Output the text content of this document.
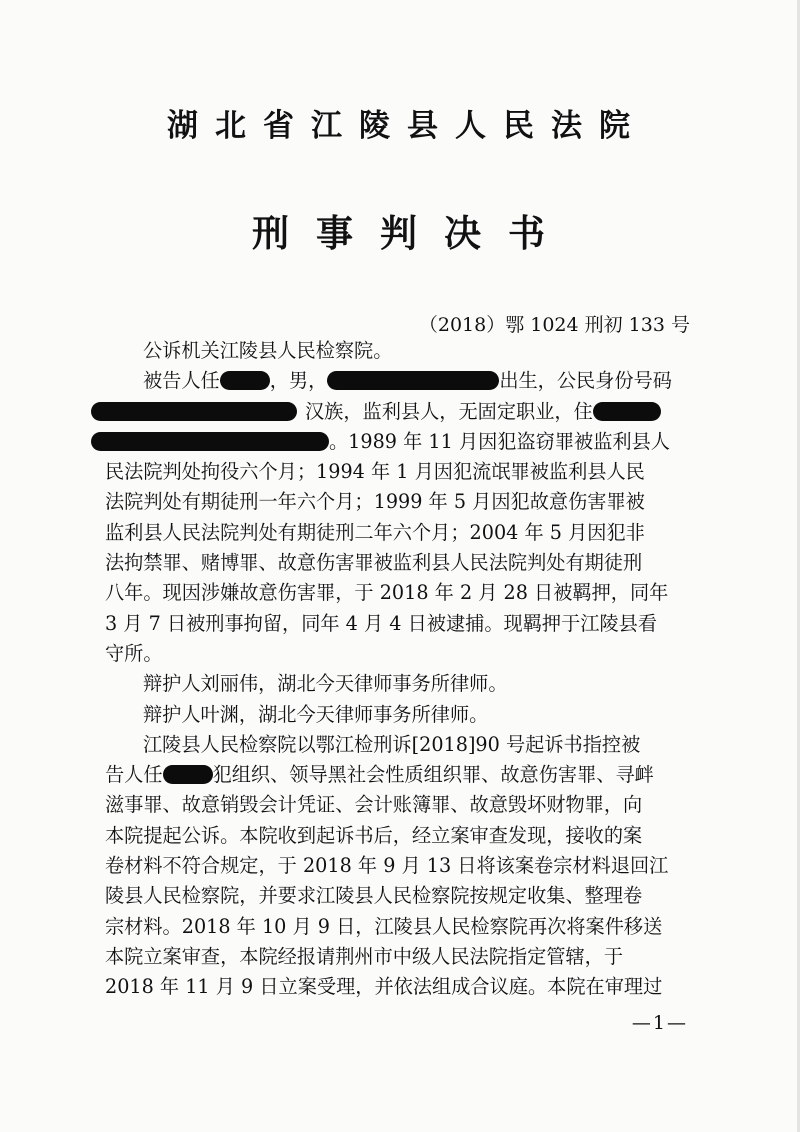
湖北省江陵县人民法院
刑事判决书
（2018）鄂 1024 刑初 133 号
公诉机关江陵县人民检察院。
被告人任	，男，	出生，公民身份号码
汉族，监利县人，无固定职业，住
。1989 年 11 月因犯盗窃罪被监利县人
民法院判处拘役六个月；1994 年 1 月因犯流氓罪被监利县人民
法院判处有期徒刑一年六个月；1999 年 5 月因犯故意伤害罪被
监利县人民法院判处有期徒刑二年六个月；2004 年 5 月因犯非
法拘禁罪、赌博罪、故意伤害罪被监利县人民法院判处有期徒刑
八年。现因涉嫌故意伤害罪，于 2018 年 2 月 28 日被羁押，同年
3 月 7 日被刑事拘留，同年 4 月 4 日被逮捕。现羁押于江陵县看
守所。
辩护人刘丽伟，湖北今天律师事务所律师。
辩护人叶渊，湖北今天律师事务所律师。
江陵县人民检察院以鄂江检刑诉[2018]90 号起诉书指控被
告人任	犯组织、领导黑社会性质组织罪、故意伤害罪、寻衅
滋事罪、故意销毁会计凭证、会计账簿罪、故意毁坏财物罪，向
本院提起公诉。本院收到起诉书后，经立案审查发现，接收的案
卷材料不符合规定，于 2018 年 9 月 13 日将该案卷宗材料退回江
陵县人民检察院，并要求江陵县人民检察院按规定收集、整理卷
宗材料。2018 年 10 月 9 日，江陵县人民检察院再次将案件移送
本院立案审查，本院经报请荆州市中级人民法院指定管辖，于
2018 年 11 月 9 日立案受理，并依法组成合议庭。本院在审理过
—1—
